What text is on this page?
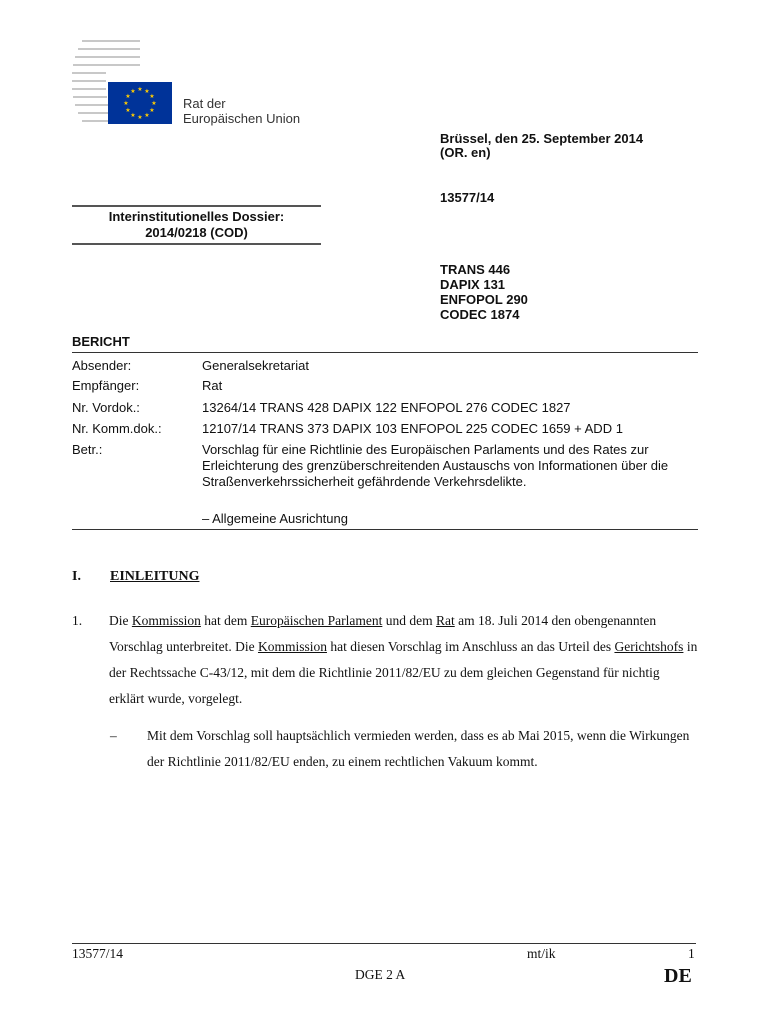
★ ★
★
★
★
★
★
★
★
★
★
★
Rat der
Europäischen Union
Brüssel, den 25. September 2014
(OR. en)
13577/14
Interinstitutionelles Dossier:
2014/0218 (COD)
TRANS 446
DAPIX 131
ENFOPOL 290
CODEC 1874
BERICHT
Absender:	Generalsekretariat
Empfänger:	Rat
Nr. Vordok.:	13264/14 TRANS 428 DAPIX 122 ENFOPOL 276 CODEC 1827
Nr. Komm.dok.:	12107/14 TRANS 373 DAPIX 103 ENFOPOL 225 CODEC 1659 + ADD 1
Betr.:	Vorschlag für eine Richtlinie des Europäischen Parlaments und des Rates zur Erleichterung des grenzüberschreitenden Austauschs von Informationen über die Straßenverkehrssicherheit gefährdende Verkehrsdelikte.
– Allgemeine Ausrichtung
I. EINLEITUNG
1. Die Kommission hat dem Europäischen Parlament und dem Rat am 18. Juli 2014 den obengenannten Vorschlag unterbreitet. Die Kommission hat diesen Vorschlag im Anschluss an das Urteil des Gerichtshofs in der Rechtssache C-43/12, mit dem die Richtlinie 2011/82/EU zu dem gleichen Gegenstand für nichtig erklärt wurde, vorgelegt.
– Mit dem Vorschlag soll hauptsächlich vermieden werden, dass es ab Mai 2015, wenn die Wirkungen der Richtlinie 2011/82/EU enden, zu einem rechtlichen Vakuum kommt.
13577/14	mt/ik	1
DGE 2 A	DE
